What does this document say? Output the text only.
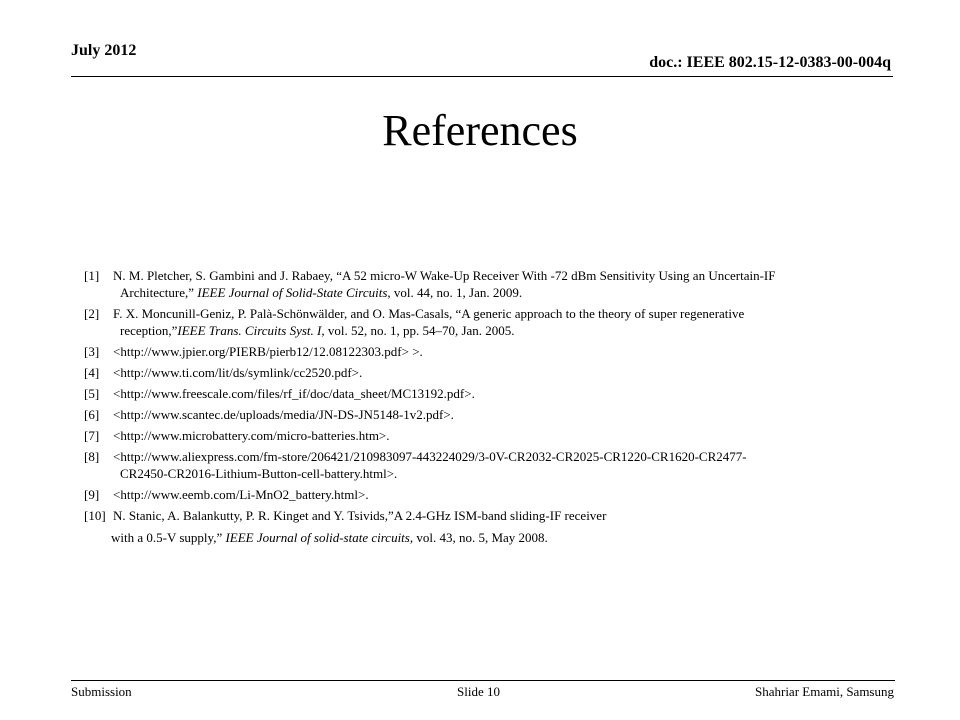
July 2012
doc.: IEEE 802.15-12-0383-00-004q
References
[1] N. M. Pletcher, S. Gambini and J. Rabaey, “A 52 micro-W Wake-Up Receiver With -72 dBm Sensitivity Using an Uncertain-IF
Architecture,” IEEE Journal of Solid-State Circuits, vol. 44, no. 1, Jan. 2009.
[2] F. X. Moncunill-Geniz, P. Palà-Schönwälder, and O. Mas-Casals, “A generic approach to the theory of super regenerative
reception,”IEEE Trans. Circuits Syst. I, vol. 52, no. 1, pp. 54–70, Jan. 2005.
[3] <http://www.jpier.org/PIERB/pierb12/12.08122303.pdf> >.
[4] <http://www.ti.com/lit/ds/symlink/cc2520.pdf>.
[5] <http://www.freescale.com/files/rf_if/doc/data_sheet/MC13192.pdf>.
[6] <http://www.scantec.de/uploads/media/JN-DS-JN5148-1v2.pdf>.
[7] <http://www.microbattery.com/micro-batteries.htm>.
[8] <http://www.aliexpress.com/fm-store/206421/210983097-443224029/3-0V-CR2032-CR2025-CR1220-CR1620-CR2477-
CR2450-CR2016-Lithium-Button-cell-battery.html>.
[9] <http://www.eemb.com/Li-MnO2_battery.html>.
[10] N. Stanic, A. Balankutty, P. R. Kinget and Y. Tsivids,”A 2.4-GHz ISM-band sliding-IF receiver
with a 0.5-V supply,” IEEE Journal of solid-state circuits, vol. 43, no. 5, May 2008.
Submission	Slide 10	Shahriar Emami, Samsung
